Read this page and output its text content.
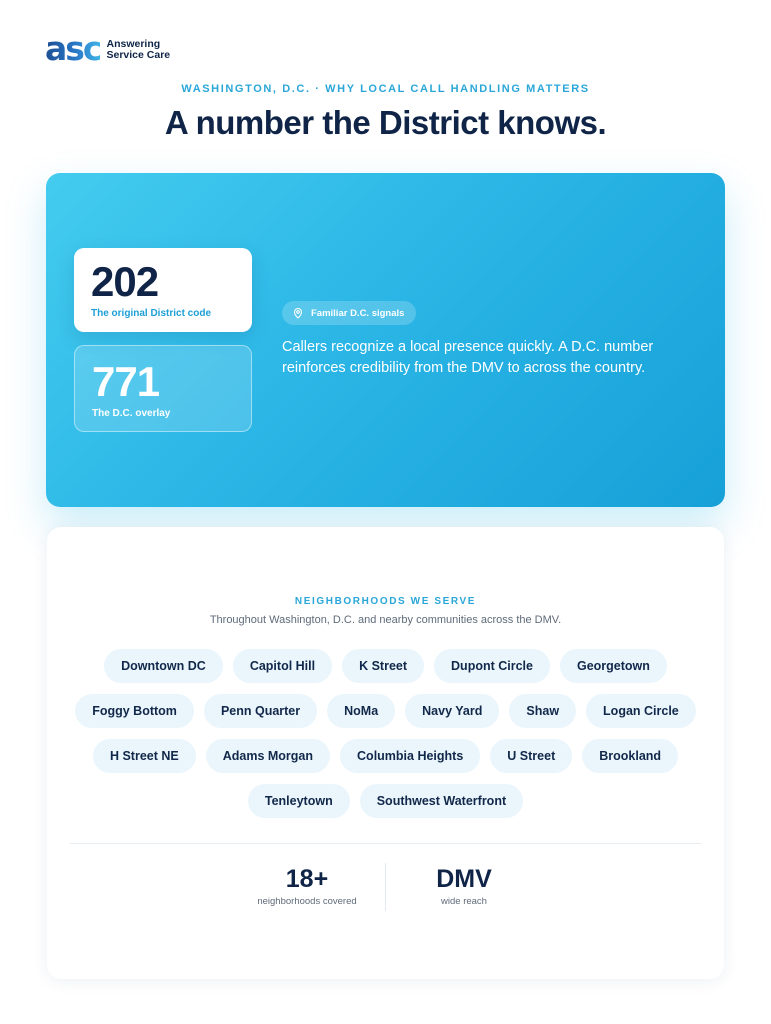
asc Answering
Service Care
WASHINGTON, D.C. · WHY LOCAL CALL HANDLING MATTERS
A number the District knows.
202
The original District code
771
The D.C. overlay
Familiar D.C. signals

Callers recognize a local presence quickly. A D.C. number reinforces credibility from the DMV to across the country.

NEIGHBORHOODS WE SERVE
Throughout Washington, D.C. and nearby communities across the DMV.
Downtown DC	Capitol Hill	K Street	Dupont Circle	Georgetown
Foggy Bottom	Penn Quarter	NoMa	Navy Yard	Shaw	Logan Circle
H Street NE	Adams Morgan	Columbia Heights	U Street	Brookland
Tenleytown	Southwest Waterfront
18+
neighborhoods covered
DMV
wide reach
